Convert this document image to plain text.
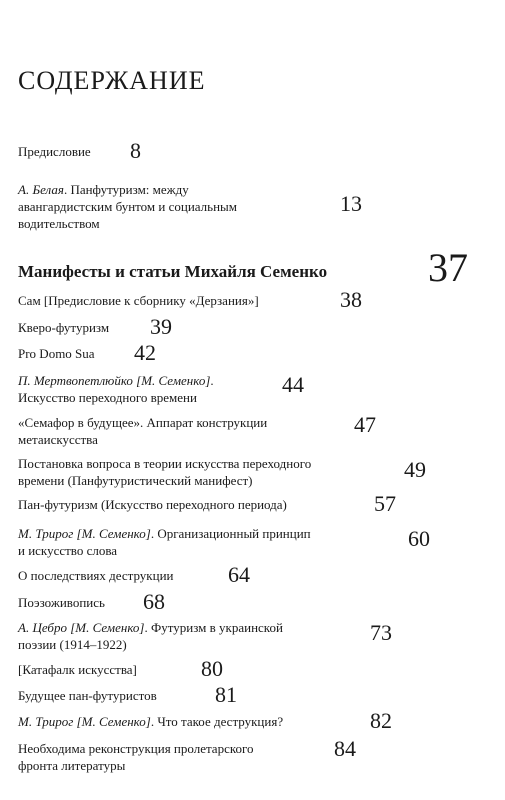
СОДЕРЖАНИЕ
Предисловие 8
А. Белая. Панфутуризм: между
авангардистским бунтом и социальным
водительством
13
Манифесты и статьи Михайля Семенко	37
Сам [Предисловие к сборнику «Дерзания»]	38
Кверо-футуризм 39
Pro Domo Sua 42
П. Мертвопетлюйко [М. Семенко].
Искусство переходного времени
44
«Семафор в будущее». Аппарат конструкции
метаискусства
47
Постановка вопроса в теории искусства переходного
времени (Панфутуристический манифест)	49
Пан-футуризм (Искусство переходного периода)	57
М. Трирог [М. Семенко]. Организационный принцип
и искусство слова	60
О последствиях деструкции 64
Поэзоживопись 68
А. Цебро [М. Семенко]. Футуризм в украинской
поэзии (1914–1922)	73
[Катафалк искусства]	80
Будущее пан-футуристов	81
М. Трирог [М. Семенко]. Что такое деструкция?	82
Необходима реконструкция пролетарского
фронта литературы
84
